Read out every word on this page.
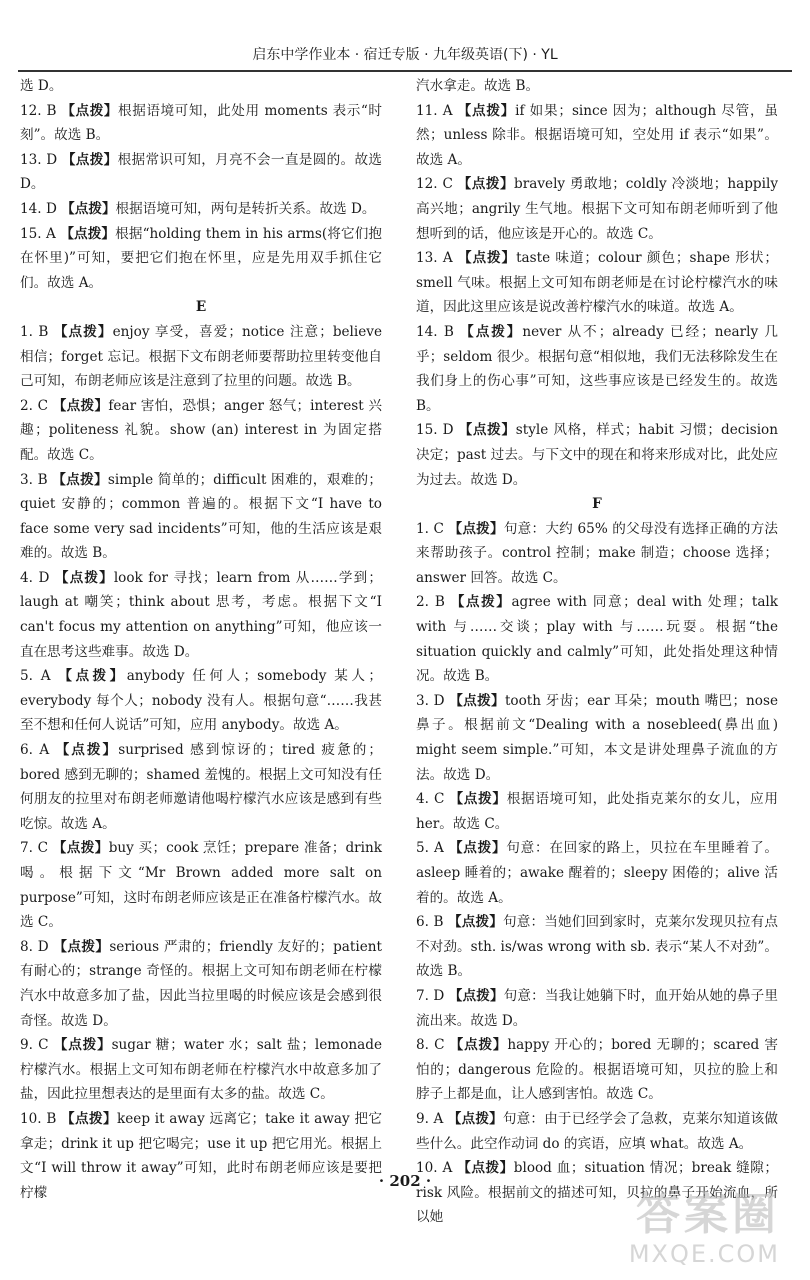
启东中学作业本 · 宿迁专版 · 九年级英语(下) · YL

选 D。

12. B 【点拨】根据语境可知，此处用 moments 表示“时刻”。故选 B。

13. D 【点拨】根据常识可知，月亮不会一直是圆的。故选 D。

14. D 【点拨】根据语境可知，两句是转折关系。故选 D。

15. A 【点拨】根据“holding them in his arms(将它们抱在怀里)”可知，要把它们抱在怀里，应是先用双手抓住它们。故选 A。

E

1. B 【点拨】enjoy 享受，喜爱；notice 注意；believe 相信；forget 忘记。根据下文布朗老师要帮助拉里转变他自己可知，布朗老师应该是注意到了拉里的问题。故选 B。

2. C 【点拨】fear 害怕，恐惧；anger 怒气；interest 兴趣；politeness 礼貌。show (an) interest in 为固定搭配。故选 C。

3. B 【点拨】simple 简单的；difficult 困难的，艰难的；quiet 安静的；common 普遍的。根据下文“I have to face some very sad incidents”可知，他的生活应该是艰难的。故选 B。

4. D 【点拨】look for 寻找；learn from 从……学到；laugh at 嘲笑；think about 思考，考虑。根据下文“I can't focus my attention on anything”可知，他应该一直在思考这些难事。故选 D。

5. A 【点拨】anybody 任何人；somebody 某人；everybody 每个人；nobody 没有人。根据句意“……我甚至不想和任何人说话”可知，应用 anybody。故选 A。

6. A 【点拨】surprised 感到惊讶的；tired 疲惫的；bored 感到无聊的；shamed 羞愧的。根据上文可知没有任何朋友的拉里对布朗老师邀请他喝柠檬汽水应该是感到有些吃惊。故选 A。

7. C 【点拨】buy 买；cook 烹饪；prepare 准备；drink 喝。根据下文“Mr Brown added more salt on purpose”可知，这时布朗老师应该是正在准备柠檬汽水。故选 C。

8. D 【点拨】serious 严肃的；friendly 友好的；patient 有耐心的；strange 奇怪的。根据上文可知布朗老师在柠檬汽水中故意多加了盐，因此当拉里喝的时候应该是会感到很奇怪。故选 D。

9. C 【点拨】sugar 糖；water 水；salt 盐；lemonade 柠檬汽水。根据上文可知布朗老师在柠檬汽水中故意多加了盐，因此拉里想表达的是里面有太多的盐。故选 C。

10. B 【点拨】keep it away 远离它；take it away 把它拿走；drink it up 把它喝完；use it up 把它用光。根据上文“I will throw it away”可知，此时布朗老师应该是要把柠檬

汽水拿走。故选 B。

11. A 【点拨】if 如果；since 因为；although 尽管，虽然；unless 除非。根据语境可知，空处用 if 表示“如果”。故选 A。

12. C 【点拨】bravely 勇敢地；coldly 冷淡地；happily 高兴地；angrily 生气地。根据下文可知布朗老师听到了他想听到的话，他应该是开心的。故选 C。

13. A 【点拨】taste 味道；colour 颜色；shape 形状；smell 气味。根据上文可知布朗老师是在讨论柠檬汽水的味道，因此这里应该是说改善柠檬汽水的味道。故选 A。

14. B 【点拨】never 从不；already 已经；nearly 几乎；seldom 很少。根据句意“相似地，我们无法移除发生在我们身上的伤心事”可知，这些事应该是已经发生的。故选 B。

15. D 【点拨】style 风格，样式；habit 习惯；decision 决定；past 过去。与下文中的现在和将来形成对比，此处应为过去。故选 D。

F

1. C 【点拨】句意：大约 65% 的父母没有选择正确的方法来帮助孩子。control 控制；make 制造；choose 选择；answer 回答。故选 C。

2. B 【点拨】agree with 同意；deal with 处理；talk with 与……交谈；play with 与……玩耍。根据“the situation quickly and calmly”可知，此处指处理这种情况。故选 B。

3. D 【点拨】tooth 牙齿；ear 耳朵；mouth 嘴巴；nose 鼻子。根据前文“Dealing with a nosebleed(鼻出血) might seem simple.”可知，本文是讲处理鼻子流血的方法。故选 D。

4. C 【点拨】根据语境可知，此处指克莱尔的女儿，应用 her。故选 C。

5. A 【点拨】句意：在回家的路上，贝拉在车里睡着了。asleep 睡着的；awake 醒着的；sleepy 困倦的；alive 活着的。故选 A。

6. B 【点拨】句意：当她们回到家时，克莱尔发现贝拉有点不对劲。sth. is/was wrong with sb. 表示“某人不对劲”。故选 B。

7. D 【点拨】句意：当我让她躺下时，血开始从她的鼻子里流出来。故选 D。

8. C 【点拨】happy 开心的；bored 无聊的；scared 害怕的；dangerous 危险的。根据语境可知，贝拉的脸上和脖子上都是血，让人感到害怕。故选 C。

9. A 【点拨】句意：由于已经学会了急救，克莱尔知道该做些什么。此空作动词 do 的宾语，应填 what。故选 A。

10. A 【点拨】blood 血；situation 情况；break 缝隙；risk 风险。根据前文的描述可知，贝拉的鼻子开始流血，所以她

· 202 ·
答案圈
MXQE.COM
